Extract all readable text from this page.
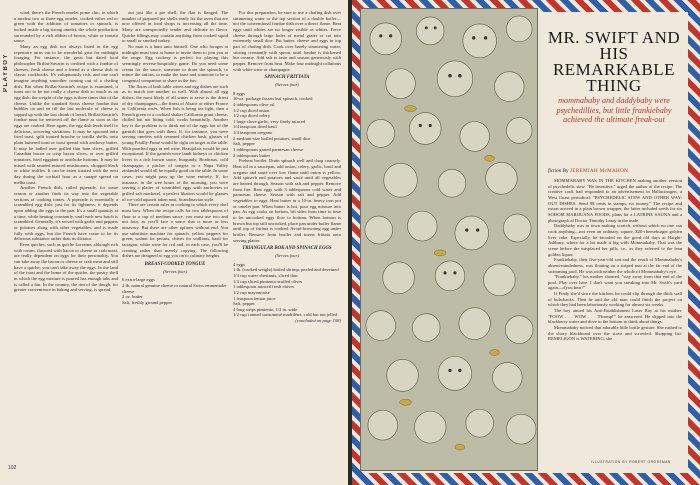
PLAYBOY

wind, there's the French omelet pome chic, in which a modest two or three-egg omelet, cooked either red or green with the addition of tomatoes or spinach, is tucked inside a big strong omelet, the whole production surrounded by a rich ribbon of brown, white or tomato sauce.

Many an egg dish not always listed in the egg repertoire turns out to be wonderful grist for midnight foraging. For instance, the great but dated food philosopher Brillat-Savarin is credited with a fondue of cheeses, fresh cheese and a friend as a cheese dish in classic cookbooks. It's voluptuously rich, and one can't imagine anything smoother coming out of a chafing dish. But when Brillat-Savarin's recipe is examined, it turns out to be not really a cheese dish so much as an egg dish; the weight of the eggs is three times that of the cheese. Unlike the standard Swiss cheese fondue that bubbles on and on till the last molecule of cheese is sopped up with the last chunk of bread, Brillat-Savarin's fondue must be removed off the flame as soon as the eggs are cooked. Here again, the egg dish lends itself to delicious, sorcering variations. It may be spooned onto fried toast, split toasted brioche or tortilla shells, onto plain buttered toast or toast spread with anchovy butter. It may be ladled over grilled thin ham slices, grilled Canadian bacon or crisp bacon slices, or over grilled tomatoes, fried eggplant or artichoke bottoms. It may be mixed with sautéed minced mushrooms, chopped black or white truffles. It can be eaten toasted with the next day during the cocktail hour as a canapé spread on melba toast.

Another French dish, called piperade, for some reason or another finds its way into the vegetable sections of cooking tomes. A piperade is essentially a scrambled egg dish; just for its lightness, it depends upon adding the eggs to the pan. It's a small quantity at a time, while beating constantly, until each new batch is scrambled. Generally, it's served with garlic and peppers or potatoes along with other vegetables, and is made fully with eggs, but the French have come to be its delicious substance rather than its dictator.

Even quiches, such as quiche Lorraine, although rich with cream, flavored with bacon or cheese or crab meat, are really dependent on eggs for their personality. You can take away the bacon or cheese or crab meat and still have a quiche; you can't take away the eggs. In the land of the toast and the home of the quiche, the pastry shell in which the egg mixture is poured has enough tabs and is called a fan. In the country, the rim of the dough, for greater convenience in baking and serving, is spread

out just like a pie shell; the flan is flanged. The number of prepared pie shells ready for the oven that are now offered in food shops is increasing all the time. Many are unexpectedly tender and delicate in flavor. Quiche fillings may contain anything from cooked squid to small or smoked turkey.

No man is a hunt unto himself. One who forages at midnight must trust at home to invite them to join you at the range. Egg cookery is perfect for playing this seemingly reverse-hospitality game. Do you need some cream for the sauce, someone to drain the spinach, to mince the onions, to make the toast and someone to be a congenial companion to share in the fun.

The floors of both table wines and egg dishes are such as to match one another so well. With almost all egg dishes, the most likely of all wines to serve is the driest of dry champagnes—the finest of Alsace or either France or California rosés. When fish is being tea light, then a French green or a cocktail shaker California grant cheese, chilled but not biting cold, works beautifully. Another key is the problem is to think not of the eggs but of the garnish that goes with them. If, for instance, you were serving omelets with creamed chicken hash, glasses of young Pouilly-Fumé would be right on target at the table. With poached eggs in red wine, Beaujolais would be just exceptional. If the garnish were lamb kidneys or chicken livers in a rich brown sauce, burgundy, Bordeaux, cold champagne, a pitcher of sangria or a Napa Valley zinfandel would all be equally good on the table. In some cases, you might pass up the wine entirely. If, for instance, in the wee hours of the morning, you were serving a platter of scrambled eggs with anchovies or grilled salt mackerel, a perfect libation would be glasses of ice-cold aquavit taken neat, Scandinavian style.

There are certain rules in cooking to which every chef must bow. When the recipe calls for two tablespoons of flour to a cup of medium sauce, you must use two and not four, as you'll face a sauce that is more or less unsavory. But there are other options without end. You use substitute machine for spinach, yellow peppers for green, walnut for pecans, chives for scallions, basil for tarragon, white wine for red and, in each case, you'll be creating rather than merely copying. The following dishes are designed to egg you on to culinary heights.

BREAST-COOKED TONGUE

(Serves four)

6 extra-large eggs

2 lb. natural genuine cheese or natural Swiss emmentaler cheese

2 oz. butter

Salt, freshly ground pepper

For this preparation, be sure to use a chafing dish over simmering water or the top section of a double boiler—not the conventional fondue dish over a direct flame. Beat eggs until whites are no longer visible as whites. Force cheese through large holes of metal grater or cut into extremely small dice. Put butter, cheese and eggs in top part of chafing dish. Cook over barely simmering water, stirring constantly with spoon, until fondue is thickened but creamy. Add salt to taste and season generously with pepper. Remove from heat. Make four midnight collations with white wine or champagne.

SPINACH FRITTATA

(Serves four)

8 eggs

10-oz. package frozen leaf spinach, cooked

4 tablespoons olive oil

1/2 cup diced onion

1/2 cup diced celery

1 large clove garlic, very finely minced

1/4 teaspoon dried basil

1/4 teaspoon oregano

2 medium-size boiled potatoes, small dice

Salt, pepper

3 tablespoons grated parmesan cheese

2 tablespoons butter

Preheat broiler. Drain spinach well and chop coarsely. Heat oil in a saucepan, add onion, celery, garlic, basil and oregano and sauté over low flame until onion is yellow. Add spinach and potatoes and sauté until all vegetables are heated through. Season with salt and pepper. Remove from fire. Beat eggs with 3 tablespoons cold water and parmesan cheese. Season with salt and pepper. Add vegetables to eggs. Heat butter in a 10-in. heavy iron pot or omelet pan. When butter is hot, pour egg mixture into pan. As egg cooks on bottom, lift sides from time to time to let uncooked eggs flow to bottom. When bottom is brown but top still uncooked, place pan under boiler flame until top of frittata is cooked. Avoid browning egg under broiler. Remove from broiler and invert frittata onto serving platter.

TRIANGULAR BOK AND SPINACH EGGS

(Serves four)

4 eggs

1 lb. (cooked weight) boiled shrimp, peeled and deveined

1/4 cup water chestnuts, sliced thin

1/4 cup sliced pimiento-stuffed olives

1 tablespoon minced fresh chives

1/2 cup mayonnaise

1 teaspoon lemon juice

Salt, pepper

4 long strips pimiento, 1/2 in. wide

1/2 cup canned consommé madrilène, cold but not jelled

(concluded on page 108)

102
MR. SWIFT AND HIS REMARKABLE THING
mommababy and daddybaby were psychedillies, but little frankiebaby achieved the ultimate freak-out
fiction By JEREMIAH McMAHON

MOMMABABY WAS IN THE KITCHEN making another version of psychedelic stew. "Be inventive," urged the author of the recipe. The creative cook had responded to an advertisement in Hallucinogen, a West Coast periodical: "PSYCHEDELIC STEW AND OTHER WAY-OUT DISHES. Send 98 cents in stamps, no money." The recipe and extras arrived in a plain brown wrapper, the latter included seeds for six SODOM MARIJUANA FOODS, plans for a LATRINE SAUNA and a photograph of Doctor Timothy Leary in the nude.

Daddybaby was in town making scratch, without which no one can cook anything—not even an ordinary, square, $20-cheeseburger golden liver cake. Especially, he brooded on the good old days at Haight-Ashbury, where for a bit made it big with Mommababy. That was the scene before the misplaced her pills, i.e., as they referred to the lean golden liquor.

Frankiebaby, their five-year-old son and the result of Mommababy's absent-mindedness, was floating on a striped mat at the far end of the swimming pool. He was with neither the whole of Mommababy's eye.

"Frankiebaby," his mother shouted, "stay away from that end of the pool. Play over here. I don't want you sneaking into Mr. Swift's yard again—d'you hear?"

If Frady she'd since the kitchen, he could slip through the thick wall of bulwhacks. Then he and the old man could finish the project on which they had been laboriously working for almost six weeks.

The boy aimed his Anti-Establishment Laser Ray at his mother. "POOW . . . WOW . . . 'Pfromp!'" he answered. He slipped into the blackberry water and dove to the bottom to think about things.

Mommababy noticed that adorable little bottle gesture. She rushed to the slurry blackboard over the stove and scrawled. Shopping list: REMELIGON is WATERING, she

ILLUSTRATION BY ROBERT GROSSMAN
